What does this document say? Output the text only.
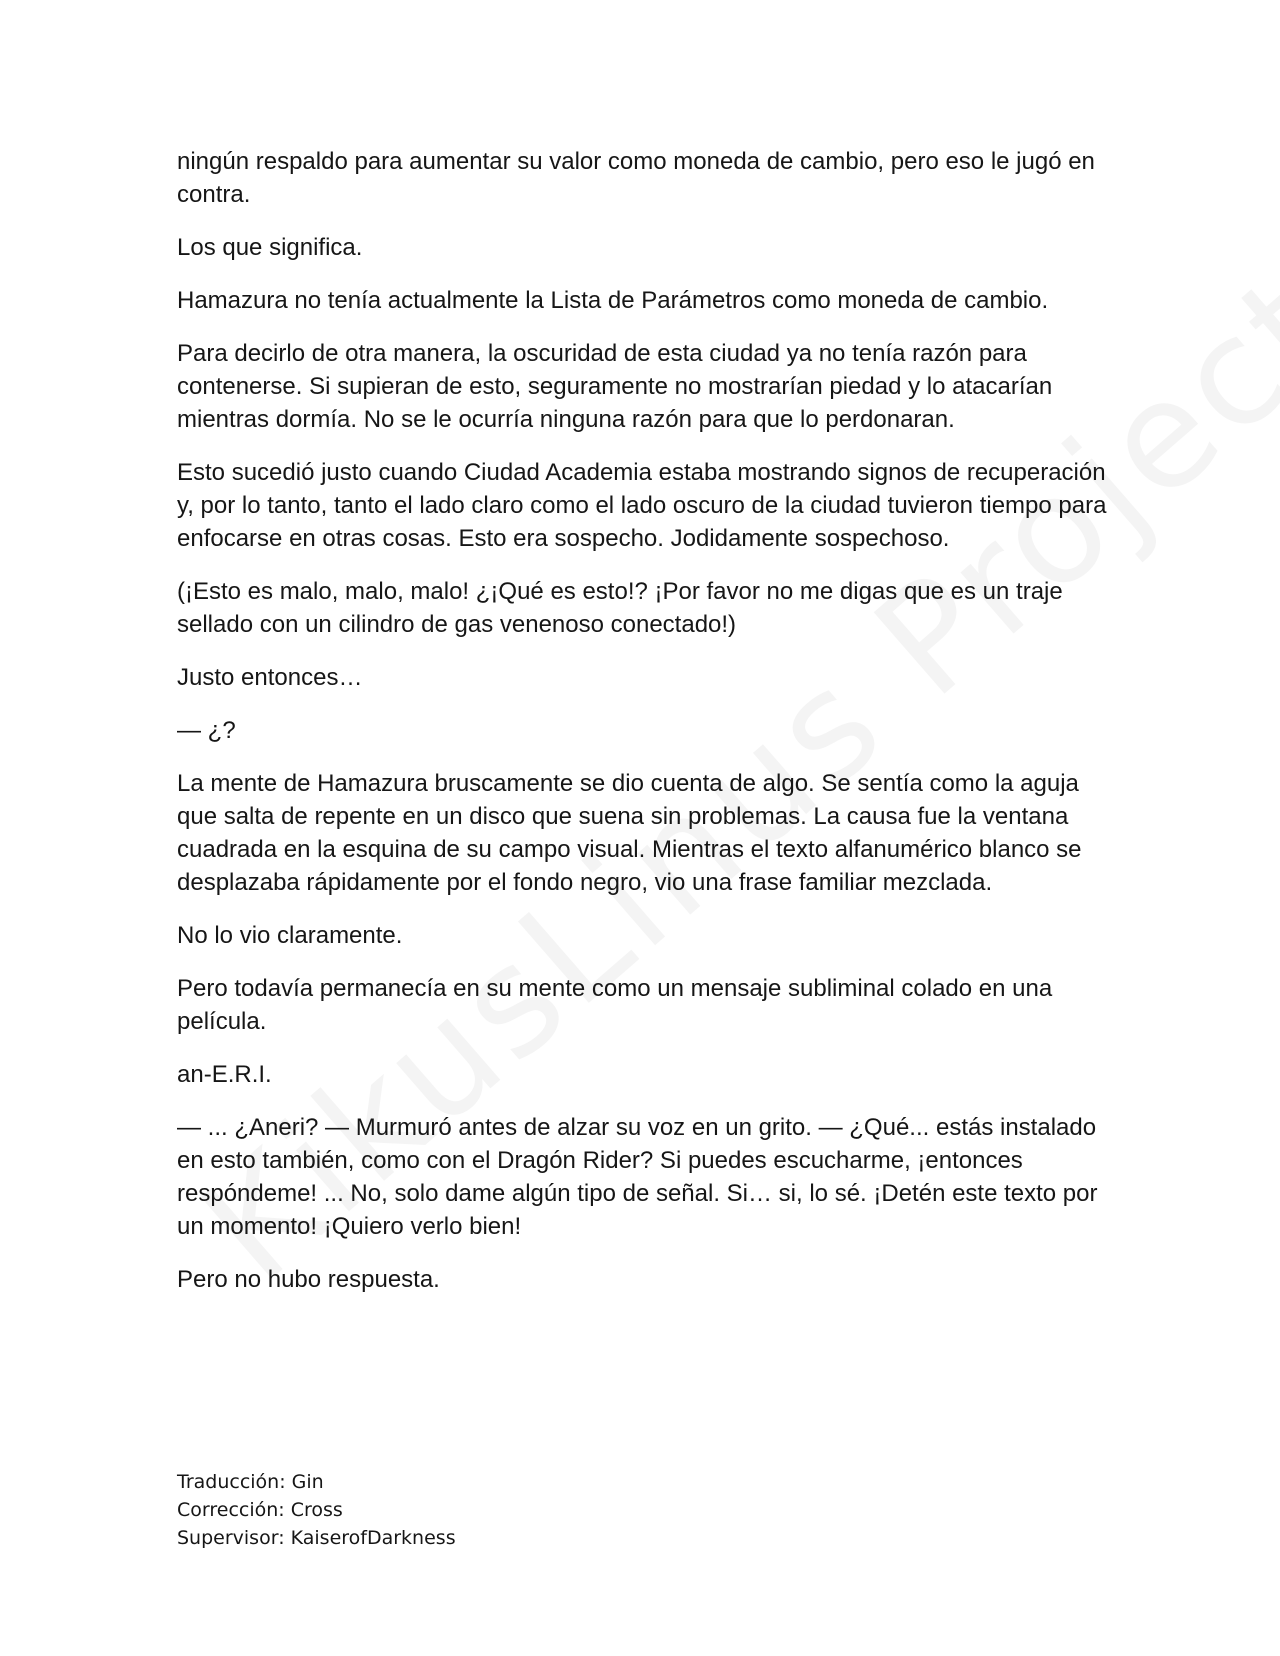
ningún respaldo para aumentar su valor como moneda de cambio, pero eso le jugó en contra.

Los que significa.

Hamazura no tenía actualmente la Lista de Parámetros como moneda de cambio.

Para decirlo de otra manera, la oscuridad de esta ciudad ya no tenía razón para contenerse. Si supieran de esto, seguramente no mostrarían piedad y lo atacarían mientras dormía. No se le ocurría ninguna razón para que lo perdonaran.

Esto sucedió justo cuando Ciudad Academia estaba mostrando signos de recuperación y, por lo tanto, tanto el lado claro como el lado oscuro de la ciudad tuvieron tiempo para enfocarse en otras cosas. Esto era sospecho. Jodidamente sospechoso.

(¡Esto es malo, malo, malo! ¿¡Qué es esto!? ¡Por favor no me digas que es un traje sellado con un cilindro de gas venenoso conectado!)

Justo entonces…

— ¿?

La mente de Hamazura bruscamente se dio cuenta de algo. Se sentía como la aguja que salta de repente en un disco que suena sin problemas. La causa fue la ventana cuadrada en la esquina de su campo visual. Mientras el texto alfanumérico blanco se desplazaba rápidamente por el fondo negro, vio una frase familiar mezclada.

No lo vio claramente.

Pero todavía permanecía en su mente como un mensaje subliminal colado en una película.

an-E.R.I.

— ... ¿Aneri? — Murmuró antes de alzar su voz en un grito. — ¿Qué... estás instalado en esto también, como con el Dragón Rider? Si puedes escucharme, ¡entonces respóndeme! ... No, solo dame algún tipo de señal. Si… si, lo sé. ¡Detén este texto por un momento! ¡Quiero verlo bien!

Pero no hubo respuesta.

Traducción: Gin
Corrección: Cross
Supervisor: KaiserofDarkness
